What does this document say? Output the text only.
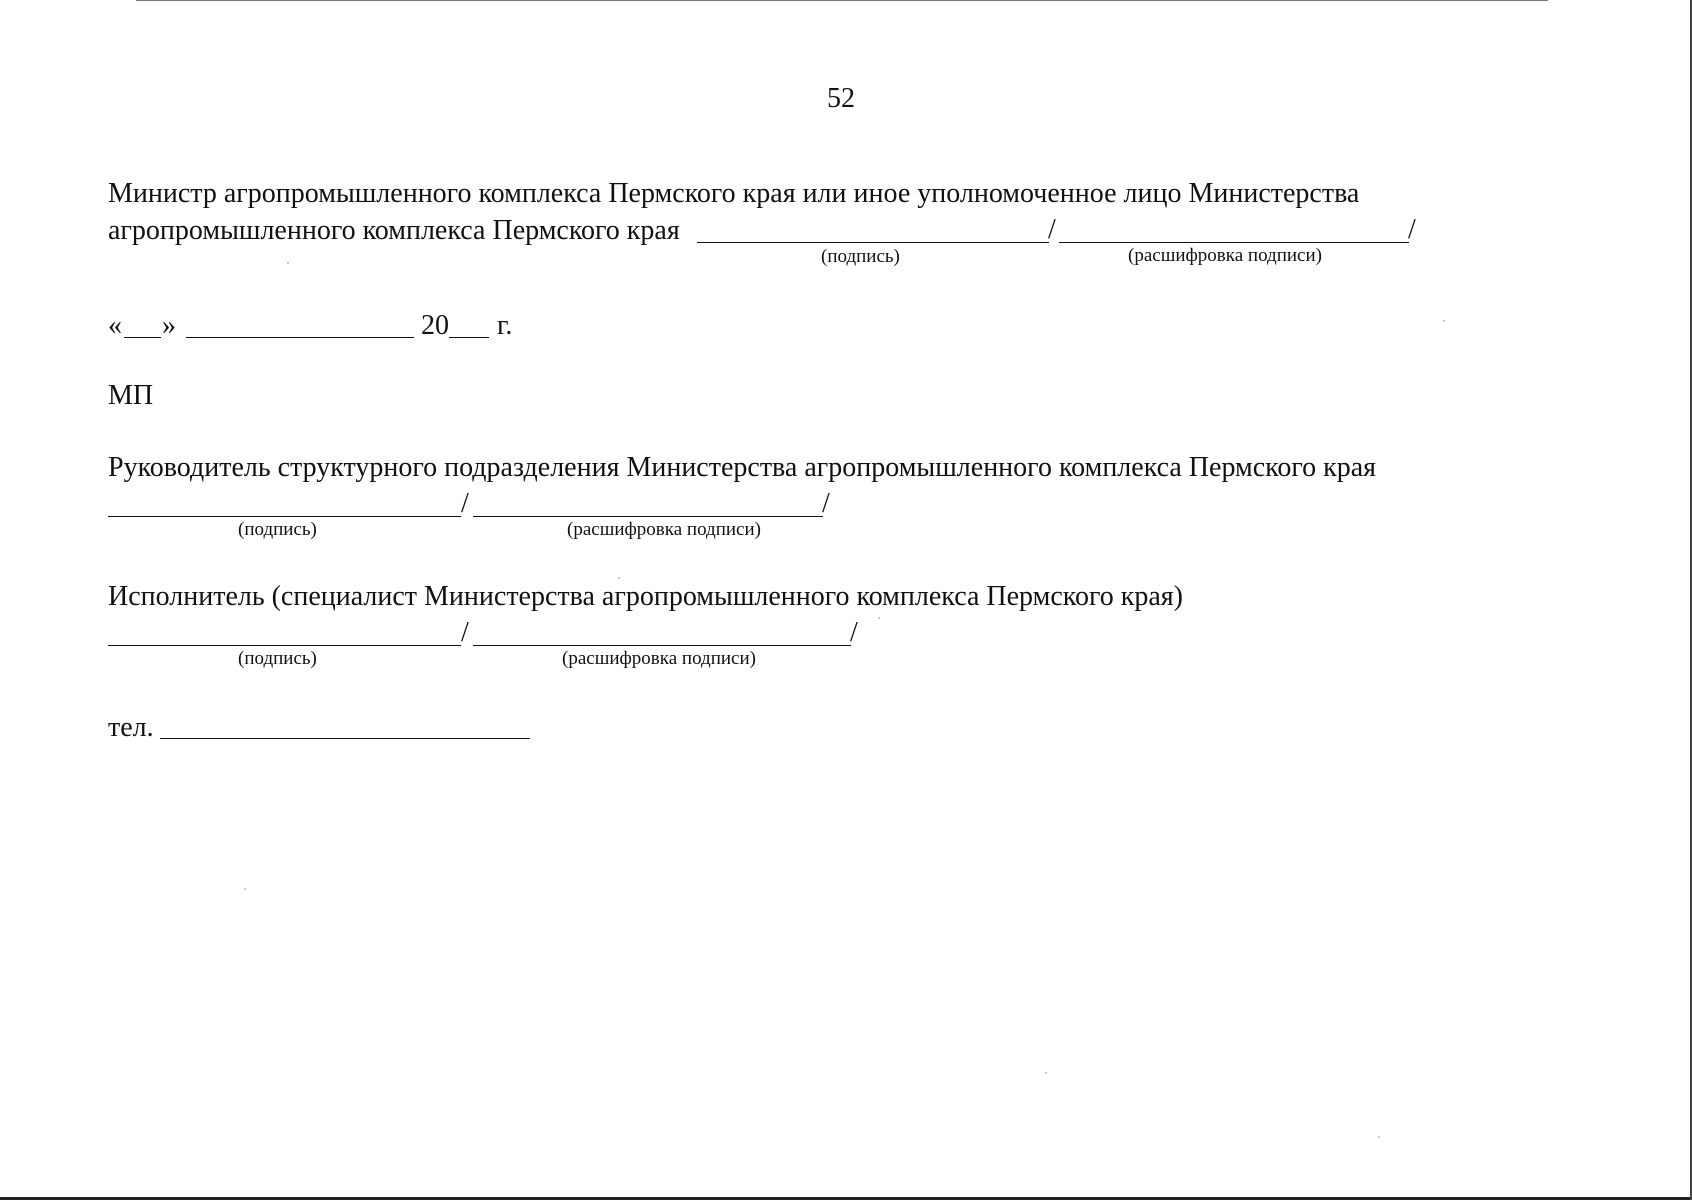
52
Министр агропромышленного комплекса Пермского края или иное уполномоченное лицо Министерства
агропромышленного комплекса Пермского края	/	/
(подпись)	(расшифровка подписи)
« »	20 г.
МП
Руководитель структурного подразделения Министерства агропромышленного комплекса Пермского края
/	/
(подпись)	(расшифровка подписи)
Исполнитель (специалист Министерства агропромышленного комплекса Пермского края)
/	/
(подпись)	(расшифровка подписи)
тел.
